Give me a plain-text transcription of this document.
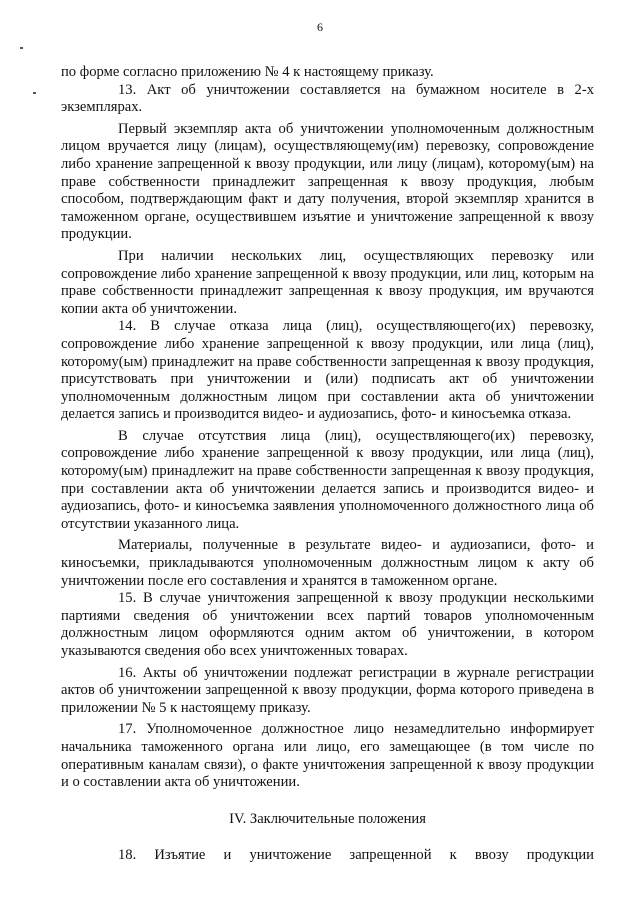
6

по форме согласно приложению № 4 к настоящему приказу.

13. Акт об уничтожении составляется на бумажном носителе в 2-х экземплярах.

Первый экземпляр акта об уничтожении уполномоченным должностным лицом вручается лицу (лицам), осуществляющему(им) перевозку, сопровождение либо хранение запрещенной к ввозу продукции, или лицу (лицам), которому(ым) на праве собственности принадлежит запрещенная к ввозу продукция, любым способом, подтверждающим факт и дату получения, второй экземпляр хранится в таможенном органе, осуществившем изъятие и уничтожение запрещенной к ввозу продукции.

При наличии нескольких лиц, осуществляющих перевозку или сопровождение либо хранение запрещенной к ввозу продукции, или лиц, которым на праве собственности принадлежит запрещенная к ввозу продукция, им вручаются копии акта об уничтожении.

14. В случае отказа лица (лиц), осуществляющего(их) перевозку, сопровождение либо хранение запрещенной к ввозу продукции, или лица (лиц), которому(ым) принадлежит на праве собственности запрещенная к ввозу продукция, присутствовать при уничтожении и (или) подписать акт об уничтожении уполномоченным должностным лицом при составлении акта об уничтожении делается запись и производится видео- и аудиозапись, фото- и киносъемка отказа.

В случае отсутствия лица (лиц), осуществляющего(их) перевозку, сопровождение либо хранение запрещенной к ввозу продукции, или лица (лиц), которому(ым) принадлежит на праве собственности запрещенная к ввозу продукция, при составлении акта об уничтожении делается запись и производится видео- и аудиозапись, фото- и киносъемка заявления уполномоченного должностного лица об отсутствии указанного лица.

Материалы, полученные в результате видео- и аудиозаписи, фото- и киносъемки, прикладываются уполномоченным должностным лицом к акту об уничтожении после его составления и хранятся в таможенном органе.

15. В случае уничтожения запрещенной к ввозу продукции несколькими партиями сведения об уничтожении всех партий товаров уполномоченным должностным лицом оформляются одним актом об уничтожении, в котором указываются сведения обо всех уничтоженных товарах.

16. Акты об уничтожении подлежат регистрации в журнале регистрации актов об уничтожении запрещенной к ввозу продукции, форма которого приведена в приложении № 5 к настоящему приказу.

17. Уполномоченное должностное лицо незамедлительно информирует начальника таможенного органа или лицо, его замещающее (в том числе по оперативным каналам связи), о факте уничтожения запрещенной к ввозу продукции и о составлении акта об уничтожении.

IV. Заключительные положения

18. Изъятие и уничтожение запрещенной к ввозу продукции
